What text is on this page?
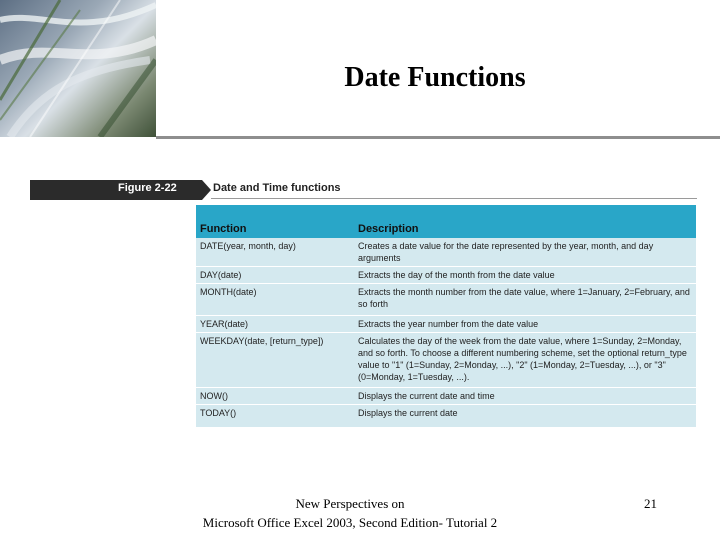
Date Functions
Figure 2-22	Date and Time functions
Function	Description
DATE(year, month, day)	Creates a date value for the date represented by the year, month, and day arguments
DAY(date)	Extracts the day of the month from the date value
MONTH(date)	Extracts the month number from the date value, where 1=January, 2=February, and so forth
YEAR(date)	Extracts the year number from the date value
WEEKDAY(date, [return_type])	Calculates the day of the week from the date value, where 1=Sunday, 2=Monday, and so forth. To choose a different numbering scheme, set the optional return_type value to "1" (1=Sunday, 2=Monday, ...), "2" (1=Monday, 2=Tuesday, ...), or "3" (0=Monday, 1=Tuesday, ...).
NOW()	Displays the current date and time
TODAY()	Displays the current date
New Perspectives on
Microsoft Office Excel 2003, Second Edition- Tutorial 2
21
